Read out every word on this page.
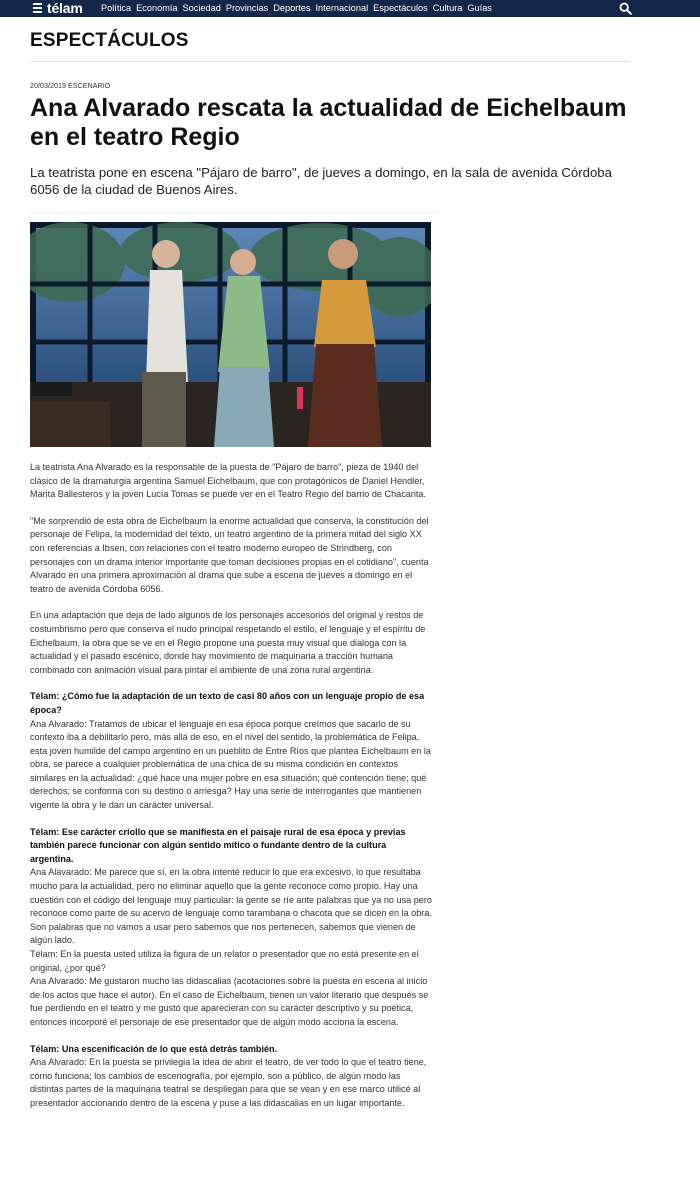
télam Política Economía Sociedad Provincias Deportes Internacional Espectáculos Cultura Guías
ESPECTÁCULOS
20/03/2019 ESCENARIO
Ana Alvarado rescata la actualidad de Eichelbaum en el teatro Regio

La teatrista pone en escena "Pájaro de barro", de jueves a domingo, en la sala de avenida Córdoba 6056 de la ciudad de Buenos Aires.

La teatrista Ana Alvarado es la responsable de la puesta de "Pájaro de barro", pieza de 1940 del clásico de la dramaturgia argentina Samuel Eichelbaum, que con protagónicos de Daniel Hendler, Marita Ballesteros y la joven Lucía Tomas se puede ver en el Teatro Regio del barrio de Chacarita.

"Me sorprendió de esta obra de Eichelbaum la enorme actualidad que conserva, la constitución del personaje de Felipa, la modernidad del texto, un teatro argentino de la primera mitad del siglo XX con referencias a Ibsen, con relaciones con el teatro moderno europeo de Strindberg, con personajes con un drama interior importante que toman decisiones propias en el cotidiano", cuenta Alvarado en una primera aproximación al drama que sube a escena de jueves a domingo en el teatro de avenida Córdoba 6056.

En una adaptación que deja de lado algunos de los personajes accesorios del original y restos de costumbrismo pero que conserva el nudo principal respetando el estilo, el lenguaje y el espíritu de Eichelbaum, la obra que se ve en el Regio propone una puesta muy visual que dialoga con la actualidad y el pasado escénico, donde hay movimiento de maquinaria a tracción humana combinado con animación visual para pintar el ambiente de una zona rural argentina.

Télam: ¿Cómo fue la adaptación de un texto de casi 80 años con un lenguaje propio de esa época?
Ana Alvarado: Tratamos de ubicar el lenguaje en esa época porque creímos que sacarlo de su contexto iba a debilitarlo pero, más allá de eso, en el nivel del sentido, la problemática de Felipa, esta joven humilde del campo argentino en un pueblito de Entre Ríos que plantea Eichelbaum en la obra, se parece a cualquier problemática de una chica de su misma condición en contextos similares en la actualidad: ¿qué hace una mujer pobre en esa situación; qué contención tiene; qué derechos; se conforma con su destino o arriesga? Hay una serie de interrogantes que mantienen vigente la obra y le dan un carácter universal.

Télam: Ese carácter criollo que se manifiesta en el paisaje rural de esa época y previas también parece funcionar con algún sentido mítico o fundante dentro de la cultura argentina.
Ana Alavarado: Me parece que sí, en la obra intenté reducir lo que era excesivo, lo que resultaba mucho para la actualidad, pero no eliminar aquello que la gente reconoce como propio. Hay una cuestión con el código del lenguaje muy particular: la gente se ríe ante palabras que ya no usa pero reconoce como parte de su acervo de lenguaje como tarambana o chacota que se dicen en la obra. Son palabras que no vamos a usar pero sabemos que nos pertenecen, sabemos que vienen de algún lado.
Télam: En la puesta usted utiliza la figura de un relator o presentador que no está presente en el original, ¿por qué?
Ana Alvarado: Me gustaron mucho las didascalias (acotaciones sobre la puesta en escena al inicio de los actos que hace el autor). En el caso de Eichelbaum, tienen un valor literario que después se fue perdiendo en el teatro y me gustó que aparecieran con su carácter descriptivo y su poética, entonces incorporé el personaje de ese presentador que de algún modo acciona la escena.

Télam: Una escenificación de lo que está detrás también.
Ana Alvarado: En la puesta se privilegia la idea de abrir el teatro, de ver todo lo que el teatro tiene, cómo funciona; los cambios de escenografía, por ejemplo, son a público, de algún modo las distintas partes de la maquinaria teatral se despliegan para que se vean y en ese marco utilicé al presentador accionando dentro de la escena y puse a las didascalias en un lugar importante.
